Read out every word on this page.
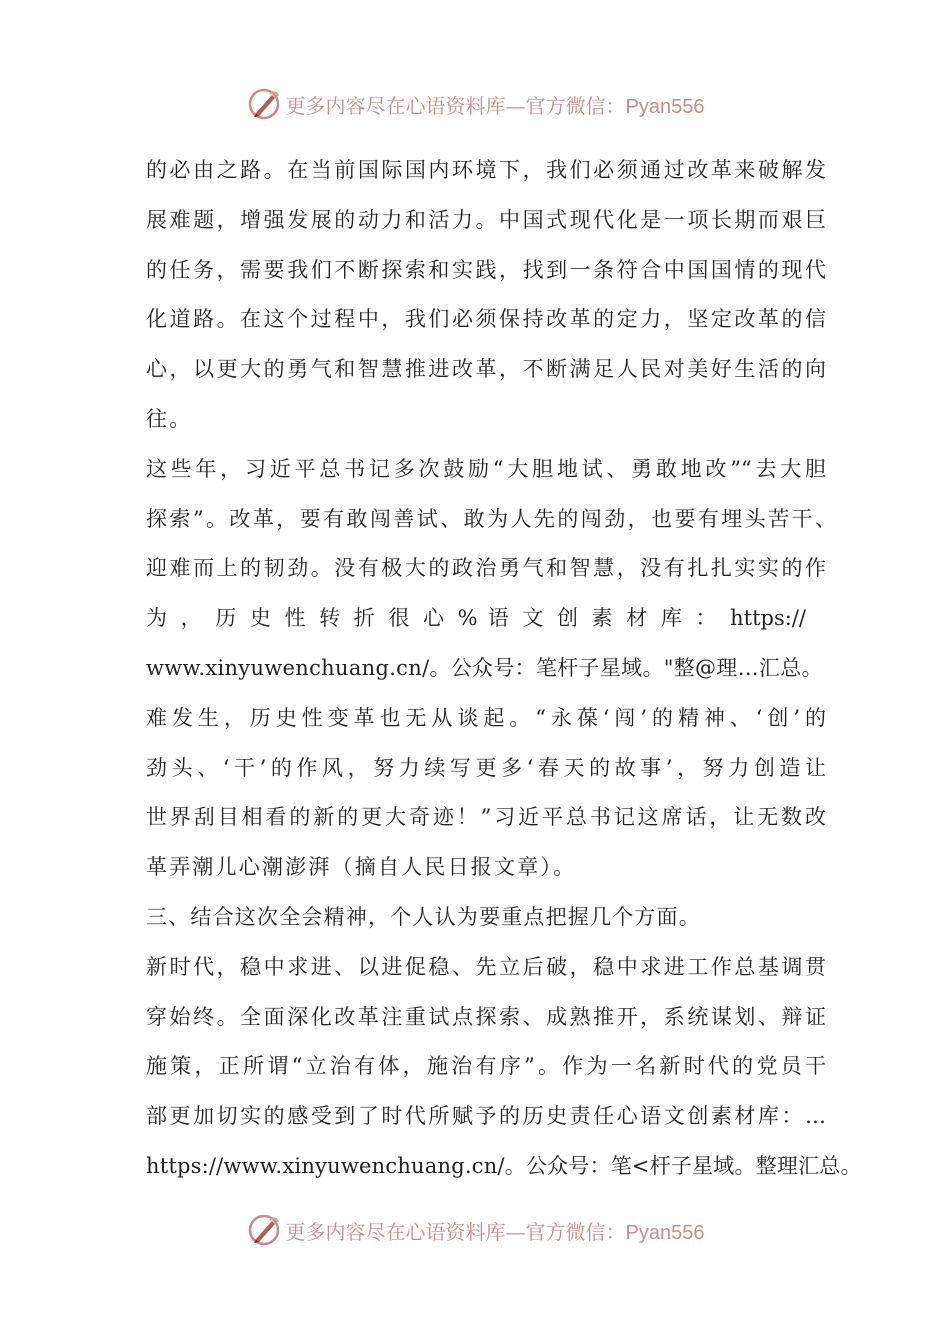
更多内容尽在心语资料库—官方微信：Pyan556
的必由之路。在当前国际国内环境下，我们必须通过改革来破解发
展难题，增强发展的动力和活力。中国式现代化是一项长期而艰巨
的任务，需要我们不断探索和实践，找到一条符合中国国情的现代
化道路。在这个过程中，我们必须保持改革的定力，坚定改革的信
心，以更大的勇气和智慧推进改革，不断满足人民对美好生活的向
往。
这些年，习近平总书记多次鼓励“大胆地试、勇敢地改”“去大胆
探索”。改革，要有敢闯善试、敢为人先的闯劲，也要有埋头苦干、
迎难而上的韧劲。没有极大的政治勇气和智慧，没有扎扎实实的作
为 ， 历 史 性 转 折 很 心 % 语 文 创 素 材 库 ： https://
www.xinyuwenchuang.cn/。公众号：笔杆子星域。"整@理…汇总。
难发生，历史性变革也无从谈起。“永葆‘闯’的精神、‘创’的
劲头、‘干’的作风，努力续写更多‘春天的故事’，努力创造让
世界刮目相看的新的更大奇迹！”习近平总书记这席话，让无数改
革弄潮儿心潮澎湃（摘自人民日报文章）。
三、结合这次全会精神，个人认为要重点把握几个方面。
新时代，稳中求进、以进促稳、先立后破，稳中求进工作总基调贯
穿始终。全面深化改革注重试点探索、成熟推开，系统谋划、辩证
施策，正所谓“立治有体，施治有序”。作为一名新时代的党员干
部更加切实的感受到了时代所赋予的历史责任心语文创素材库：…
https://www.xinyuwenchuang.cn/。公众号：笔<杆子星域。整理汇总。
更多内容尽在心语资料库—官方微信：Pyan556
